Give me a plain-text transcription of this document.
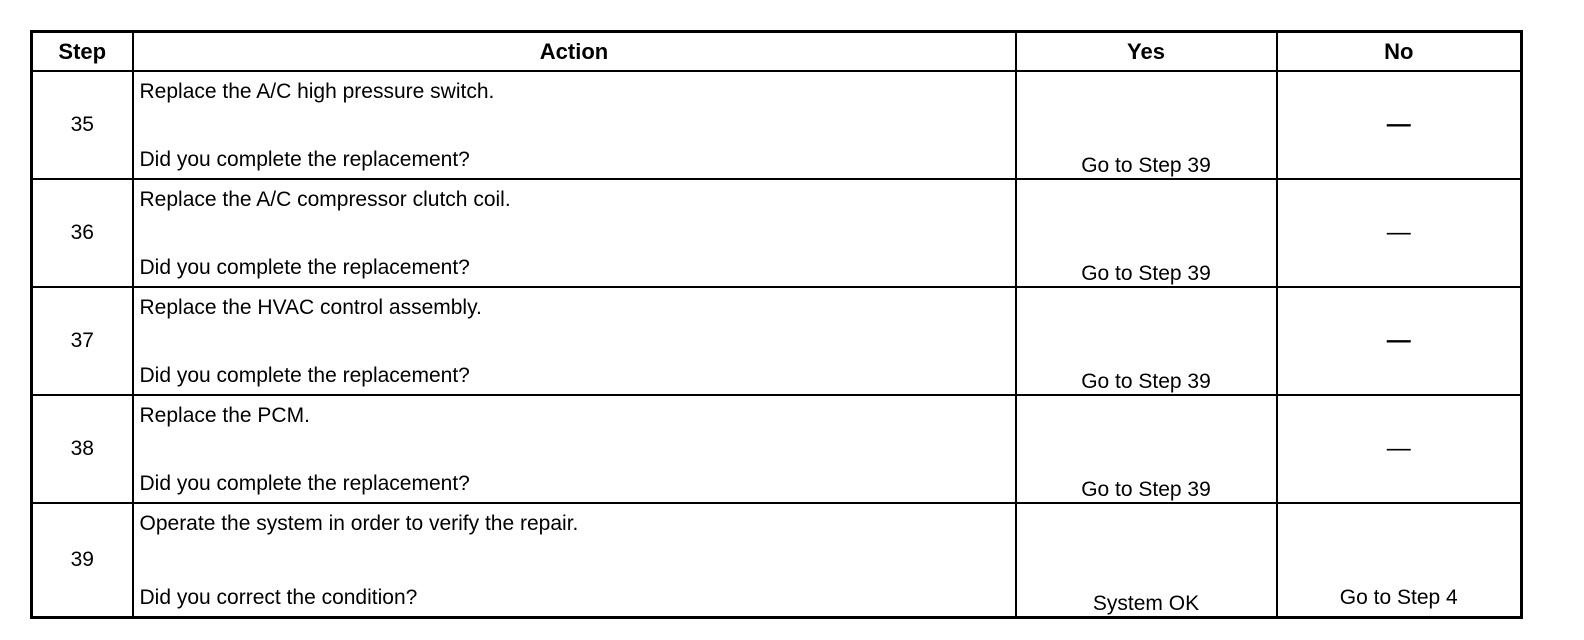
Step	Action	Yes	No
35	Replace the A/C high pressure switch.
Did you complete the replacement?	Go to Step 39	—
36	Replace the A/C compressor clutch coil.
Did you complete the replacement?	Go to Step 39	—
37	Replace the HVAC control assembly.
Did you complete the replacement?	Go to Step 39	—
38	Replace the PCM.
Did you complete the replacement?	Go to Step 39	—
39	Operate the system in order to verify the repair.
Did you correct the condition?	System OK	Go to Step 4
